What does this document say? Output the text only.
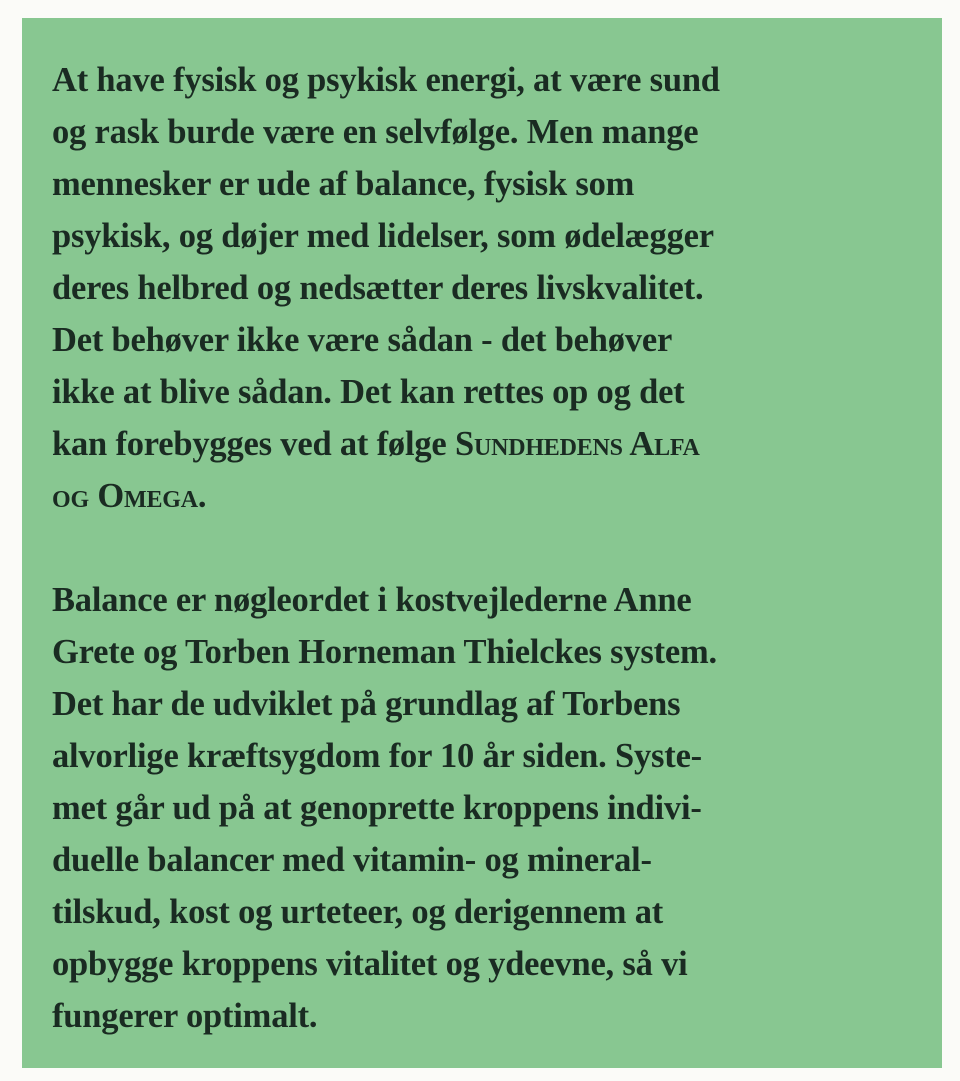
At have fysisk og psykisk energi, at være sund
og rask burde være en selvfølge. Men mange
mennesker er ude af balance, fysisk som
psykisk, og døjer med lidelser, som ødelægger
deres helbred og nedsætter deres livskvalitet.
Det behøver ikke være sådan - det behøver
ikke at blive sådan. Det kan rettes op og det
kan forebygges ved at følge Sundhedens Alfa
og Omega.
Balance er nøgleordet i kostvejlederne Anne
Grete og Torben Horneman Thielckes system.
Det har de udviklet på grundlag af Torbens
alvorlige kræftsygdom for 10 år siden. Syste-
met går ud på at genoprette kroppens indivi-
duelle balancer med vitamin- og mineral-
tilskud, kost og urteteer, og derigennem at
opbygge kroppens vitalitet og ydeevne, så vi
fungerer optimalt.
